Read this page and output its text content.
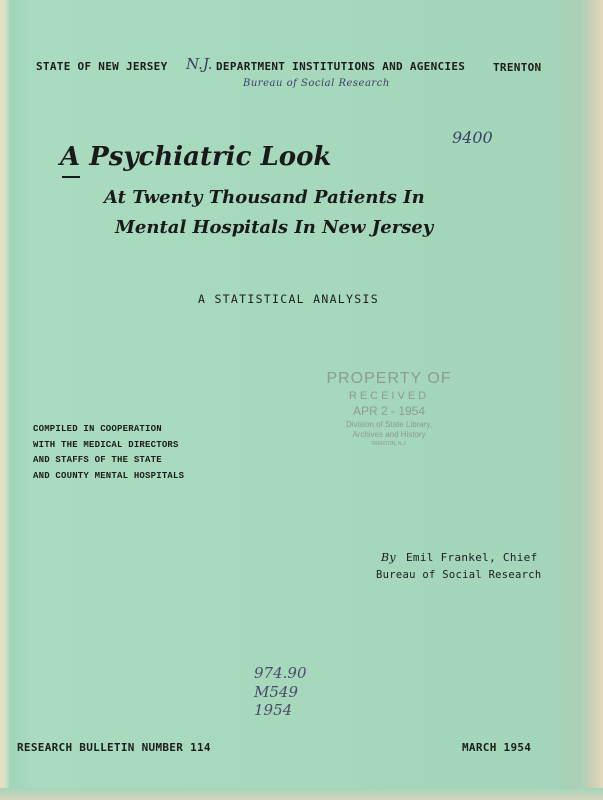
STATE OF NEW JERSEY N.J. DEPARTMENT INSTITUTIONS AND AGENCIES	TRENTON
Bureau of Social Research
9400
A Psychiatric Look
At Twenty Thousand Patients In
Mental Hospitals In New Jersey
A STATISTICAL ANALYSIS
PROPERTY OF
RECEIVED
APR 2 - 1954
Division of State Library,
Archives and History
TRENTON, N.J.
COMPILED IN COOPERATION
WITH THE MEDICAL DIRECTORS
AND STAFFS OF THE STATE
AND COUNTY MENTAL HOSPITALS
By Emil Frankel, Chief
Bureau of Social Research
974.90
M549
1954
RESEARCH BULLETIN NUMBER 114	MARCH 1954
